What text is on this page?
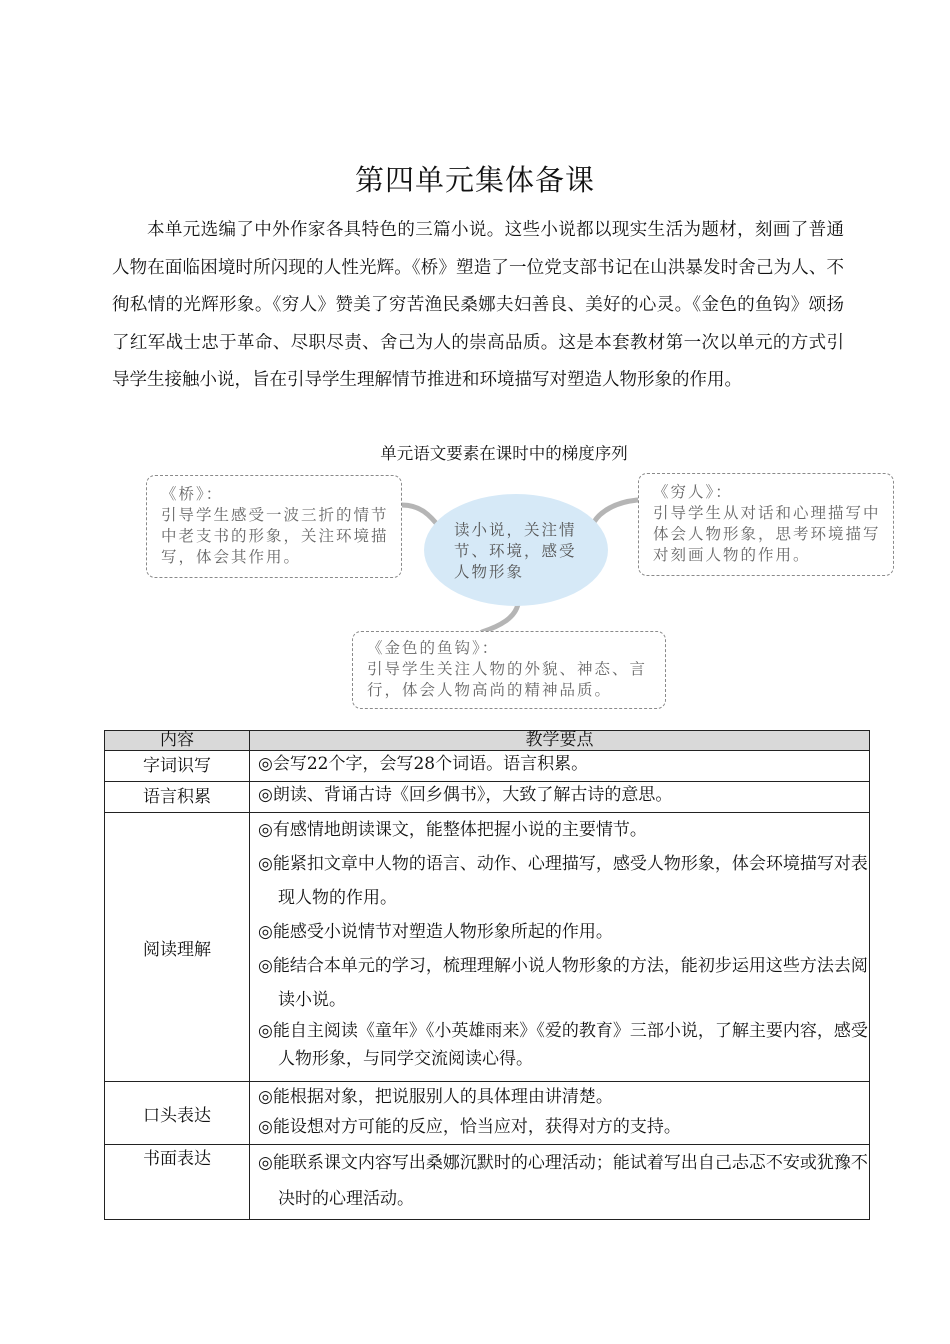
第四单元集体备课

本单元选编了中外作家各具特色的三篇小说。这些小说都以现实生活为题材，刻画了普通人物在面临困境时所闪现的人性光辉。《桥》塑造了一位党支部书记在山洪暴发时舍己为人、不徇私情的光辉形象。《穷人》赞美了穷苦渔民桑娜夫妇善良、美好的心灵。《金色的鱼钩》颂扬了红军战士忠于革命、尽职尽责、舍己为人的崇高品质。这是本套教材第一次以单元的方式引导学生接触小说，旨在引导学生理解情节推进和环境描写对塑造人物形象的作用。

单元语文要素在课时中的梯度序列
《桥》：
引导学生感受一波三折的情节中老支书的形象，关注环境描写，体会其作用。
读小说，关注情节、环境，感受人物形象
《穷人》：
引导学生从对话和心理描写中体会人物形象，思考环境描写对刻画人物的作用。
《金色的鱼钩》：
引导学生关注人物的外貌、神态、言行，体会人物高尚的精神品质。
内容	教学要点
字词识写	◎会写22个字，会写28个词语。语言积累。

语言积累	◎朗读、背诵古诗《回乡偶书》，大致了解古诗的意思。

阅读理解	◎有感情地朗读课文，能整体把握小说的主要情节。
◎能紧扣文章中人物的语言、动作、心理描写，感受人物形象，体会环境描写对表现人物的作用。
◎能感受小说情节对塑造人物形象所起的作用。
◎能结合本单元的学习，梳理理解小说人物形象的方法，能初步运用这些方法去阅读小说。
◎能自主阅读《童年》《小英雄雨来》《爱的教育》三部小说，了解主要内容，感受人物形象，与同学交流阅读心得。

口头表达	◎能根据对象，把说服别人的具体理由讲清楚。
◎能设想对方可能的反应，恰当应对，获得对方的支持。

书面表达	◎能联系课文内容写出桑娜沉默时的心理活动；能试着写出自己忐忑不安或犹豫不决时的心理活动。
